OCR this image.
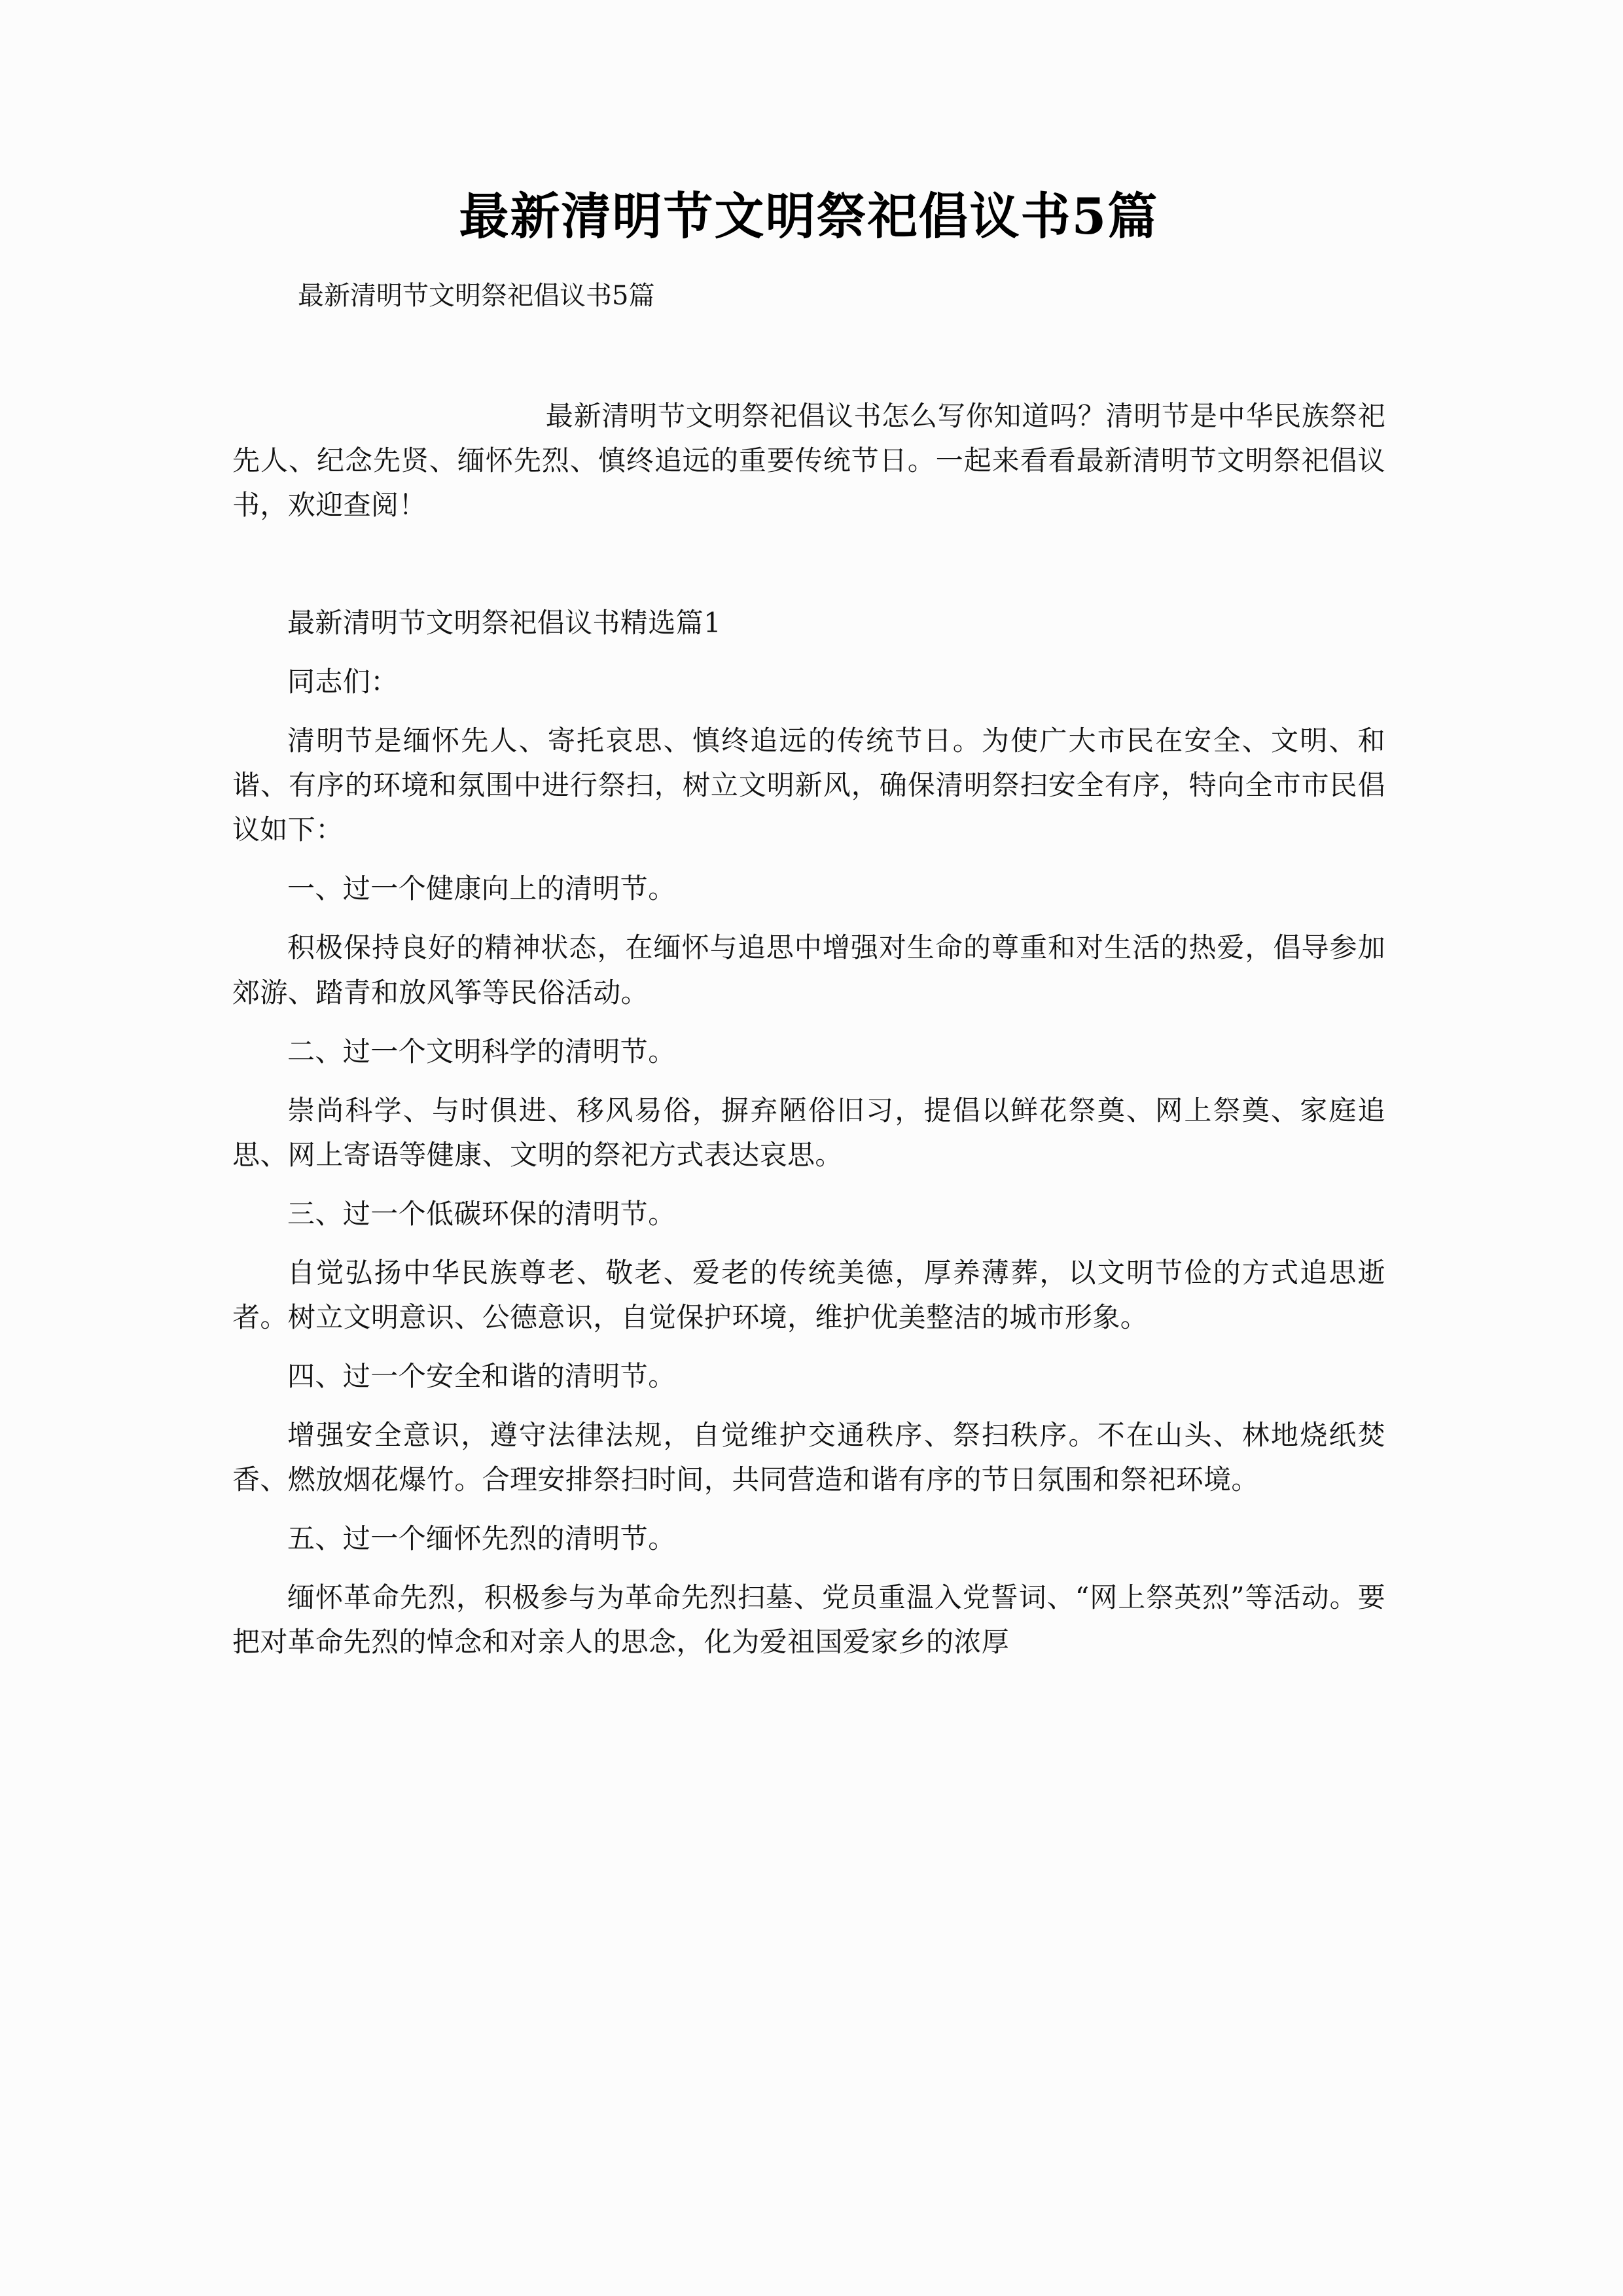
最新清明节文明祭祀倡议书5篇

最新清明节文明祭祀倡议书5篇

最新清明节文明祭祀倡议书怎么写你知道吗？清明节是中华民族祭祀先人、纪念先贤、缅怀先烈、慎终追远的重要传统节日。一起来看看最新清明节文明祭祀倡议书，欢迎查阅！

最新清明节文明祭祀倡议书精选篇1

同志们：

清明节是缅怀先人、寄托哀思、慎终追远的传统节日。为使广大市民在安全、文明、和谐、有序的环境和氛围中进行祭扫，树立文明新风，确保清明祭扫安全有序，特向全市市民倡议如下：

一、过一个健康向上的清明节。

积极保持良好的精神状态，在缅怀与追思中增强对生命的尊重和对生活的热爱，倡导参加郊游、踏青和放风筝等民俗活动。

二、过一个文明科学的清明节。

崇尚科学、与时俱进、移风易俗，摒弃陋俗旧习，提倡以鲜花祭奠、网上祭奠、家庭追思、网上寄语等健康、文明的祭祀方式表达哀思。

三、过一个低碳环保的清明节。

自觉弘扬中华民族尊老、敬老、爱老的传统美德，厚养薄葬，以文明节俭的方式追思逝者。树立文明意识、公德意识，自觉保护环境，维护优美整洁的城市形象。

四、过一个安全和谐的清明节。

增强安全意识，遵守法律法规，自觉维护交通秩序、祭扫秩序。不在山头、林地烧纸焚香、燃放烟花爆竹。合理安排祭扫时间，共同营造和谐有序的节日氛围和祭祀环境。

五、过一个缅怀先烈的清明节。

缅怀革命先烈，积极参与为革命先烈扫墓、党员重温入党誓词、“网上祭英烈”等活动。要把对革命先烈的悼念和对亲人的思念，化为爱祖国爱家乡的浓厚
